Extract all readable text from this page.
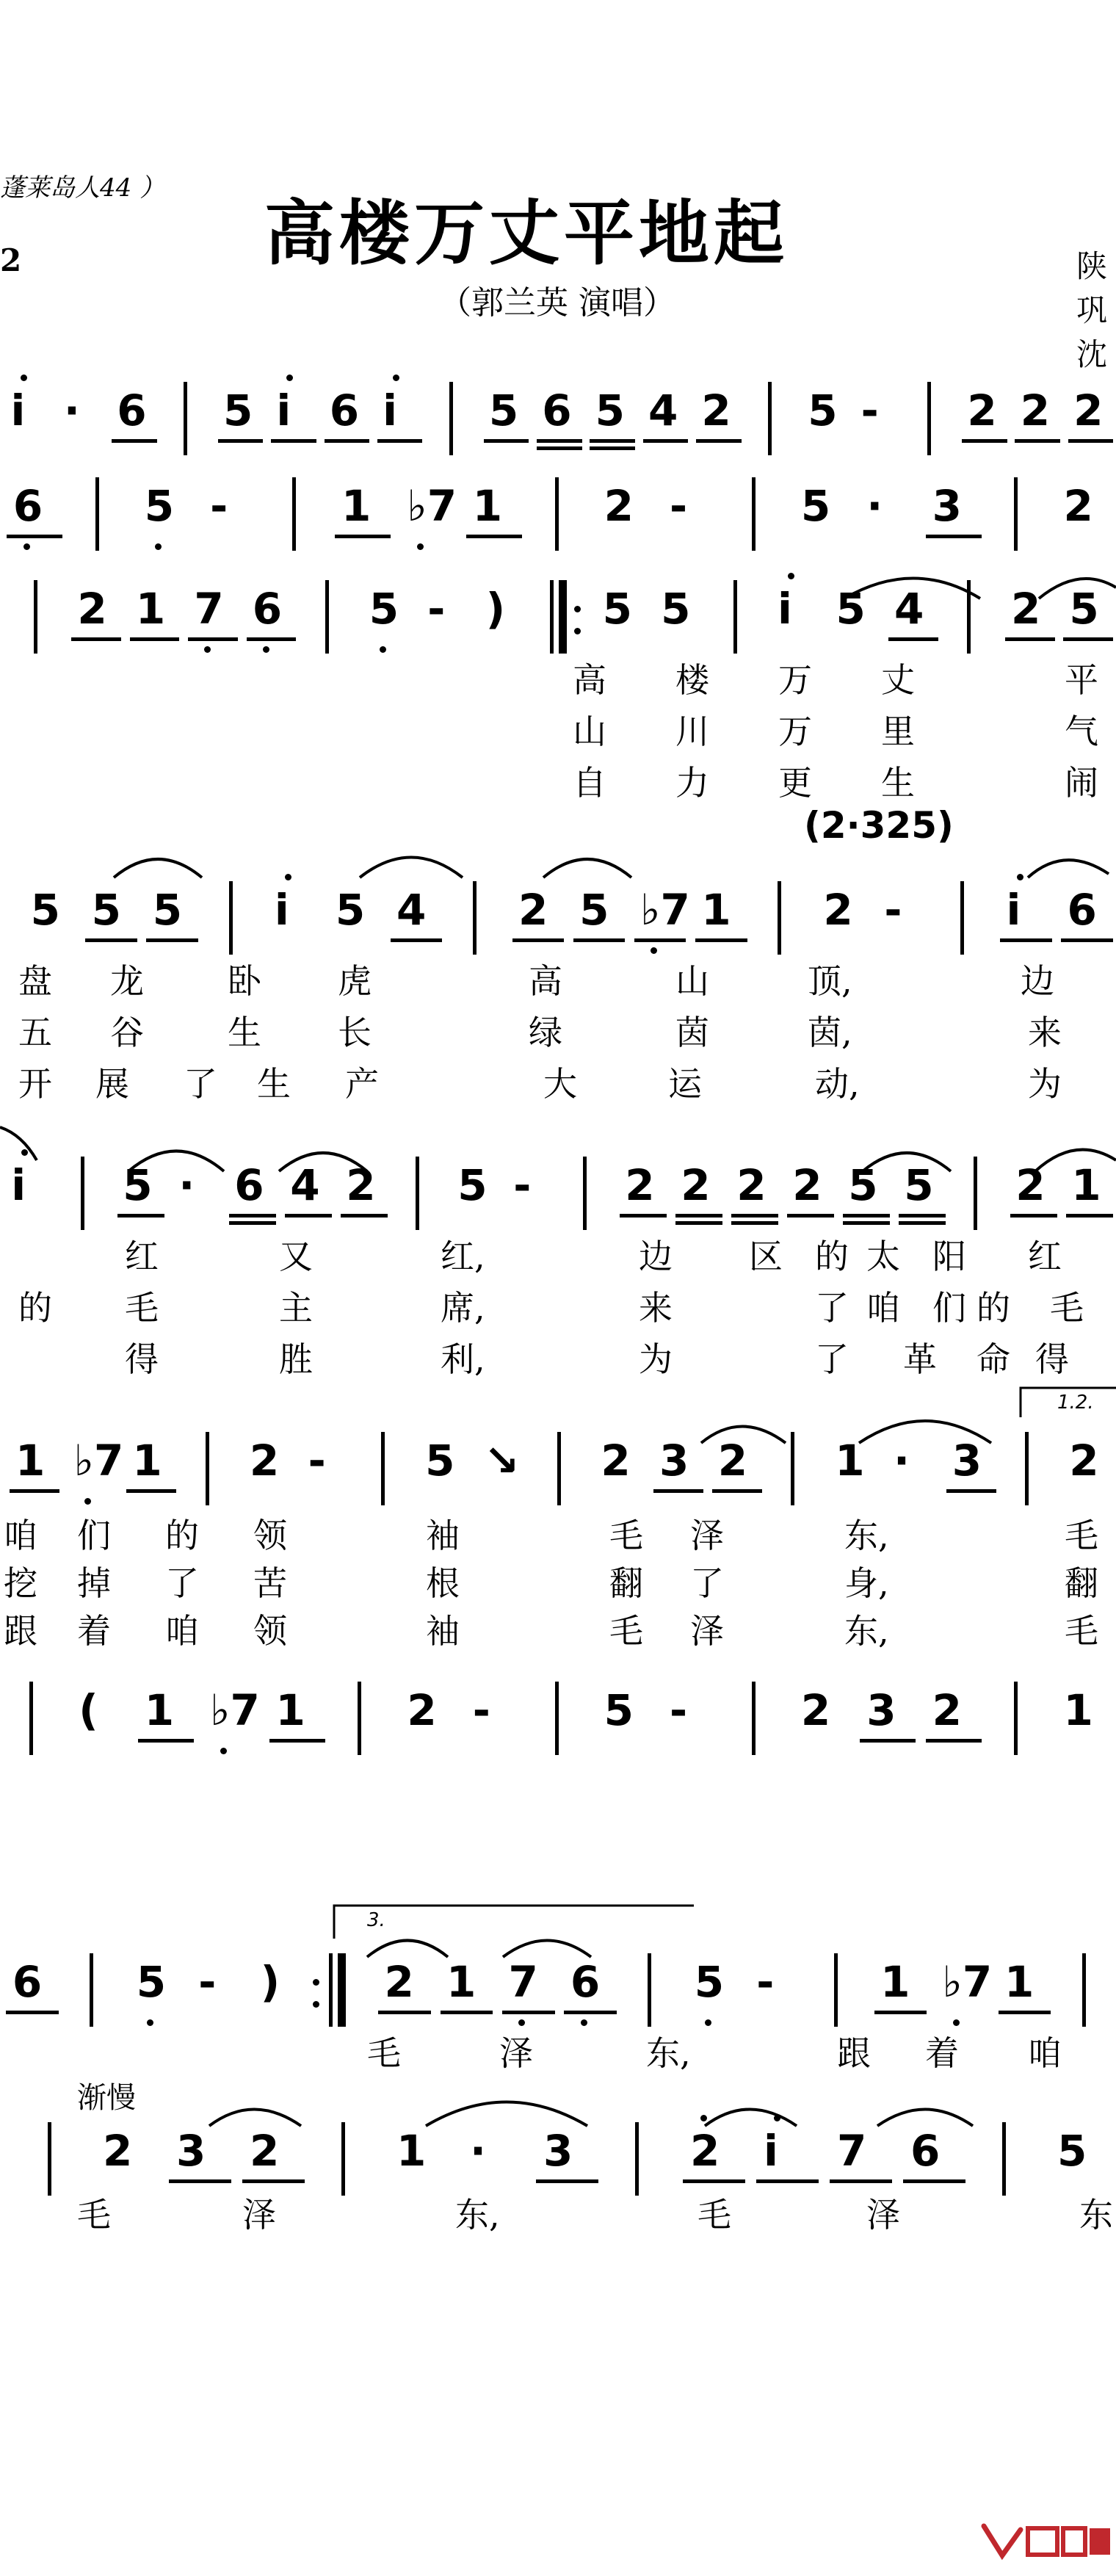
蓬莱岛人44 ）
高楼万丈平地起
（郭兰英 演唱）
陕
巩
沈
2
i · 6 5 i 6 i 5 6 5 4 2 5 - 2 2 2
6 5 -	1 ♭7 1 2 -	5 · 3 2
2 1 7 6 5 - ) 5 5 i 5 4 2 5
高 楼 万 丈	平
山 川 万 里	气
自 力 更 生	闹
5 5 5 i 5 4 2 5 ♭7 1 2 - i 6
盘 龙 卧 虎	高	山	顶,	边
五 谷 生 长	绿	茵	茵,	来
开 展 了 生 产	大	运	动,	为
i 5 · 6 4 2 5 - 2 2 2 2 5 5 2 1
红	又	红,	边 区 的 太 阳 红
的 毛	主	席,	来	了 咱 们 的 毛
得	胜	利,	为	了 革 命 得
1 ♭7 1 2 - 5 ↘ 2 3 2 1 · 3 2
咱 们 的 领	袖	毛 泽	东,	毛
挖 掉 了 苦	根	翻 了	身,	翻
跟 着 咱 领	袖	毛 泽	东,	毛
( 1 ♭7 1 2 -	5 -	2 3 2 1
6 5 - ) 2 1 7 6 5 - 1 ♭7 1
毛	泽	东,	跟 着 咱
2 3 2	1 · 3	2 i 7 6	5
毛	泽	东,	毛	泽	东
渐慢
1.2.
3.
(2·325)
